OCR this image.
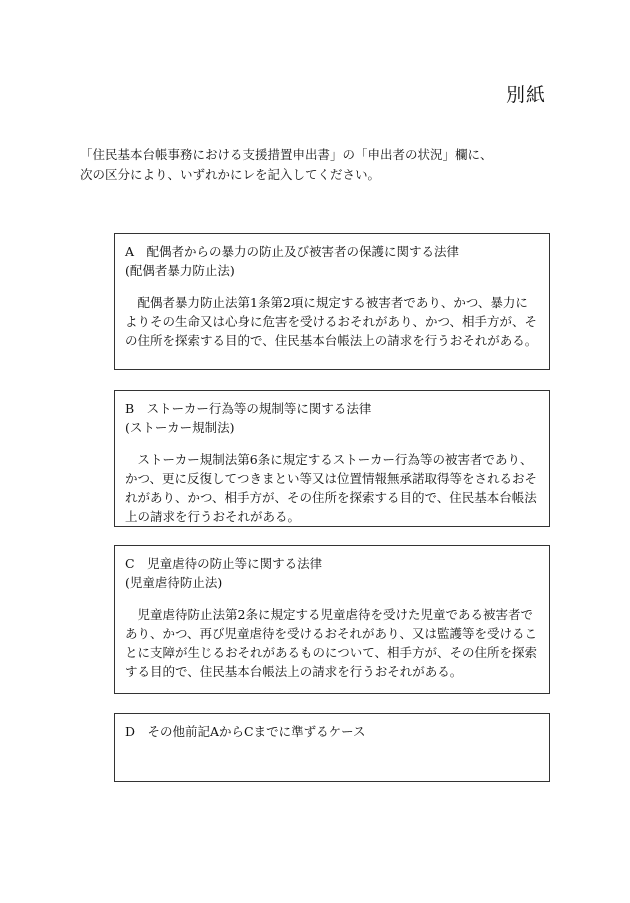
別紙

「住民基本台帳事務における支援措置申出書」の「申出者の状況」欄に、

次の区分により、いずれかにレを記入してください。

A　配偶者からの暴力の防止及び被害者の保護に関する法律

(配偶者暴力防止法)

配偶者暴力防止法第1条第2項に規定する被害者であり、かつ、暴力によりその生命又は心身に危害を受けるおそれがあり、かつ、相手方が、その住所を探索する目的で、住民基本台帳法上の請求を行うおそれがある。

B　ストーカー行為等の規制等に関する法律

(ストーカー規制法)

ストーカー規制法第6条に規定するストーカー行為等の被害者であり、かつ、更に反復してつきまとい等又は位置情報無承諾取得等をされるおそれがあり、かつ、相手方が、その住所を探索する目的で、住民基本台帳法上の請求を行うおそれがある。

C　児童虐待の防止等に関する法律

(児童虐待防止法)

児童虐待防止法第2条に規定する児童虐待を受けた児童である被害者であり、かつ、再び児童虐待を受けるおそれがあり、又は監護等を受けることに支障が生じるおそれがあるものについて、相手方が、その住所を探索する目的で、住民基本台帳法上の請求を行うおそれがある。

D　その他前記AからCまでに準ずるケース
